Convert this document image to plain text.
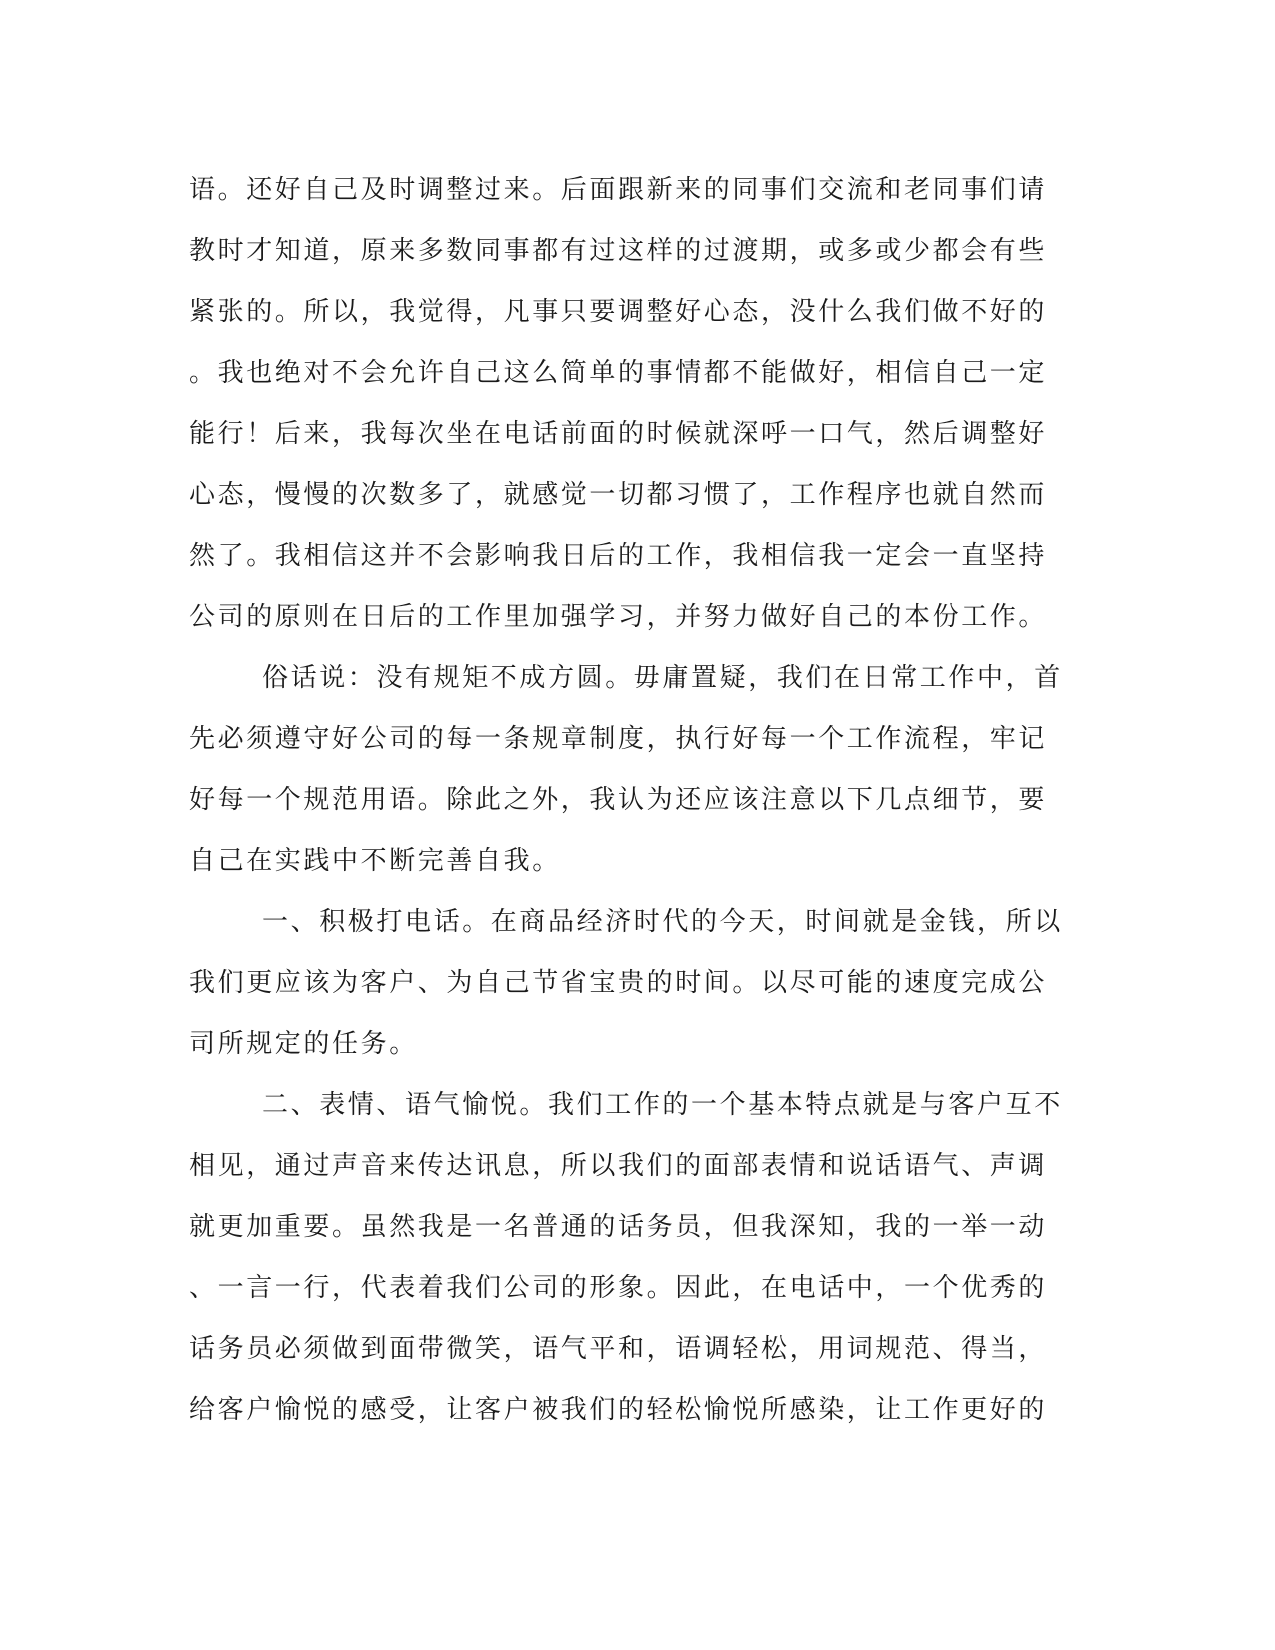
语。还好自己及时调整过来。后面跟新来的同事们交流和老同事们请
教时才知道，原来多数同事都有过这样的过渡期，或多或少都会有些
紧张的。所以，我觉得，凡事只要调整好心态，没什么我们做不好的
。我也绝对不会允许自己这么简单的事情都不能做好，相信自己一定
能行！后来，我每次坐在电话前面的时候就深呼一口气，然后调整好
心态，慢慢的次数多了，就感觉一切都习惯了，工作程序也就自然而
然了。我相信这并不会影响我日后的工作，我相信我一定会一直坚持
公司的原则在日后的工作里加强学习，并努力做好自己的本份工作。
俗话说：没有规矩不成方圆。毋庸置疑，我们在日常工作中，首
先必须遵守好公司的每一条规章制度，执行好每一个工作流程，牢记
好每一个规范用语。除此之外，我认为还应该注意以下几点细节，要
自己在实践中不断完善自我。
一、积极打电话。在商品经济时代的今天，时间就是金钱，所以
我们更应该为客户、为自己节省宝贵的时间。以尽可能的速度完成公
司所规定的任务。
二、表情、语气愉悦。我们工作的一个基本特点就是与客户互不
相见，通过声音来传达讯息，所以我们的面部表情和说话语气、声调
就更加重要。虽然我是一名普通的话务员，但我深知，我的一举一动
、一言一行，代表着我们公司的形象。因此，在电话中，一个优秀的
话务员必须做到面带微笑，语气平和，语调轻松，用词规范、得当，
给客户愉悦的感受，让客户被我们的轻松愉悦所感染，让工作更好的
